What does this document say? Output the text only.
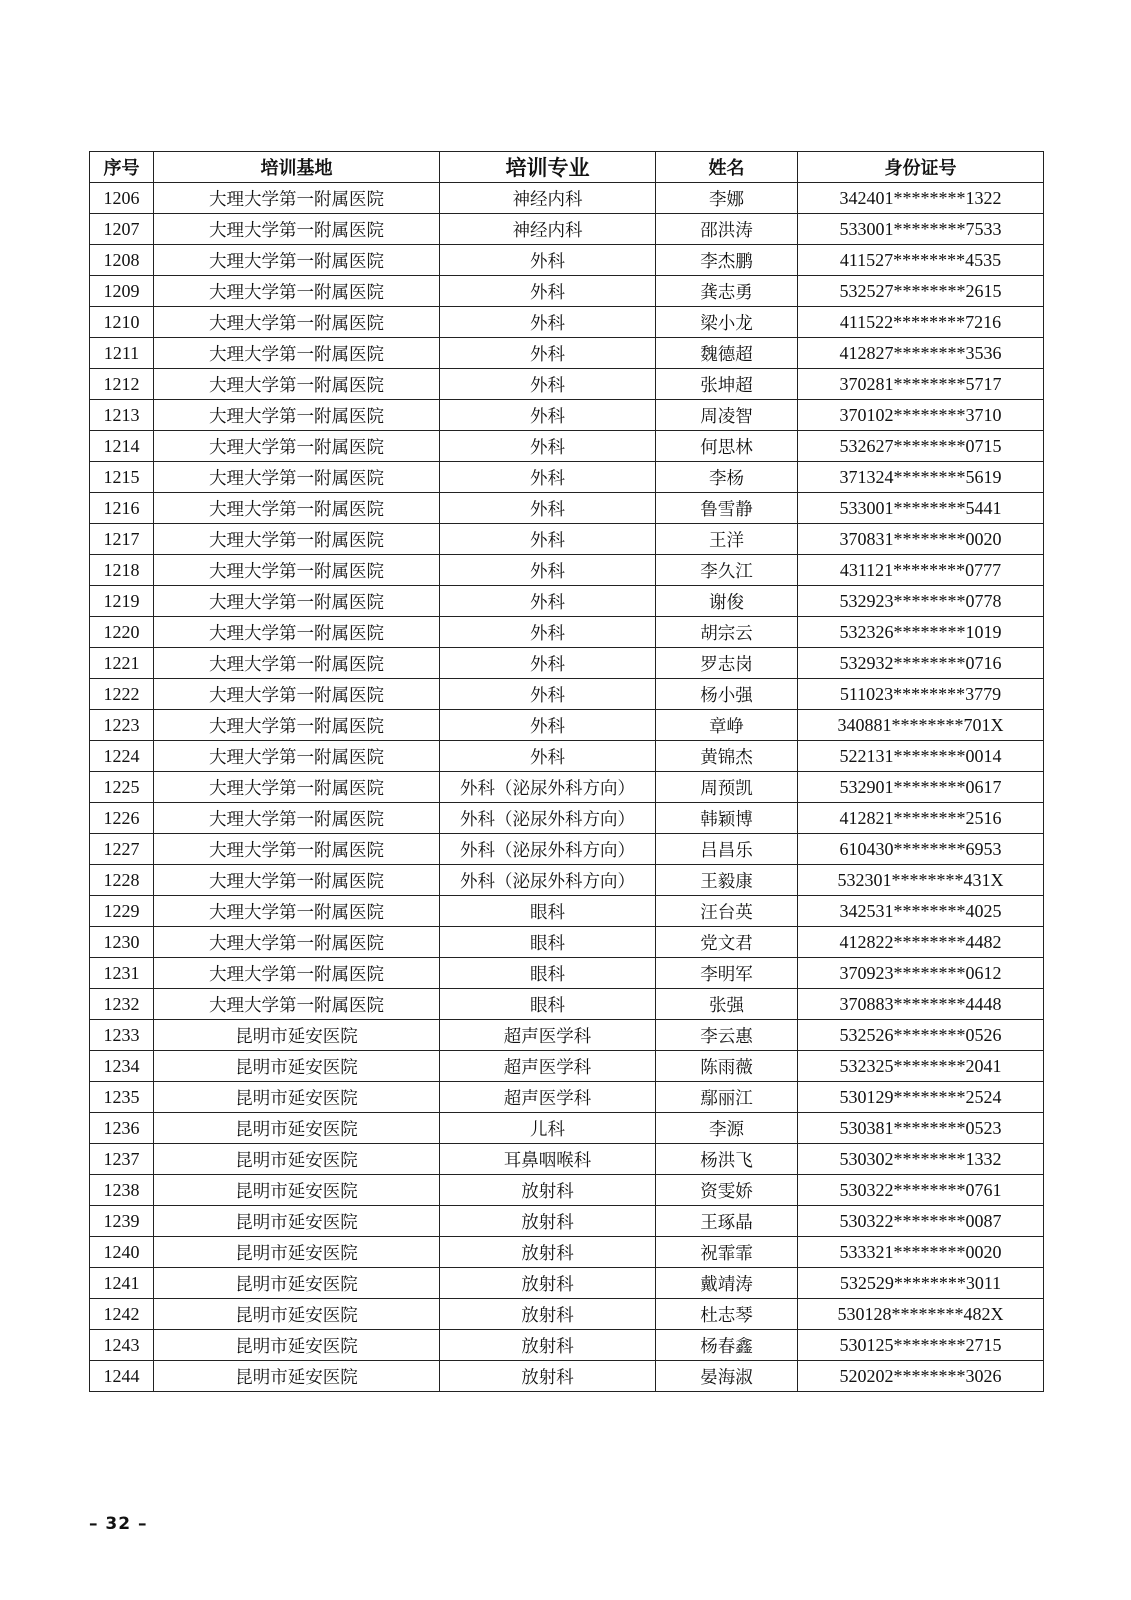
序号	培训基地	培训专业	姓名	身份证号
1206	大理大学第一附属医院	神经内科	李娜	342401********1322
1207	大理大学第一附属医院	神经内科	邵洪涛	533001********7533
1208	大理大学第一附属医院	外科	李杰鹏	411527********4535
1209	大理大学第一附属医院	外科	龚志勇	532527********2615
1210	大理大学第一附属医院	外科	梁小龙	411522********7216
1211	大理大学第一附属医院	外科	魏德超	412827********3536
1212	大理大学第一附属医院	外科	张坤超	370281********5717
1213	大理大学第一附属医院	外科	周凌智	370102********3710
1214	大理大学第一附属医院	外科	何思林	532627********0715
1215	大理大学第一附属医院	外科	李杨	371324********5619
1216	大理大学第一附属医院	外科	鲁雪静	533001********5441
1217	大理大学第一附属医院	外科	王洋	370831********0020
1218	大理大学第一附属医院	外科	李久江	431121********0777
1219	大理大学第一附属医院	外科	谢俊	532923********0778
1220	大理大学第一附属医院	外科	胡宗云	532326********1019
1221	大理大学第一附属医院	外科	罗志岗	532932********0716
1222	大理大学第一附属医院	外科	杨小强	511023********3779
1223	大理大学第一附属医院	外科	章峥	340881********701X
1224	大理大学第一附属医院	外科	黄锦杰	522131********0014
1225	大理大学第一附属医院	外科（泌尿外科方向）	周预凯	532901********0617
1226	大理大学第一附属医院	外科（泌尿外科方向）	韩颖博	412821********2516
1227	大理大学第一附属医院	外科（泌尿外科方向）	吕昌乐	610430********6953
1228	大理大学第一附属医院	外科（泌尿外科方向）	王毅康	532301********431X
1229	大理大学第一附属医院	眼科	汪台英	342531********4025
1230	大理大学第一附属医院	眼科	党文君	412822********4482
1231	大理大学第一附属医院	眼科	李明军	370923********0612
1232	大理大学第一附属医院	眼科	张强	370883********4448
1233	昆明市延安医院	超声医学科	李云惠	532526********0526
1234	昆明市延安医院	超声医学科	陈雨薇	532325********2041
1235	昆明市延安医院	超声医学科	鄢丽江	530129********2524
1236	昆明市延安医院	儿科	李源	530381********0523
1237	昆明市延安医院	耳鼻咽喉科	杨洪飞	530302********1332
1238	昆明市延安医院	放射科	资雯娇	530322********0761
1239	昆明市延安医院	放射科	王琢晶	530322********0087
1240	昆明市延安医院	放射科	祝霏霏	533321********0020
1241	昆明市延安医院	放射科	戴靖涛	532529********3011
1242	昆明市延安医院	放射科	杜志琴	530128********482X
1243	昆明市延安医院	放射科	杨春鑫	530125********2715
1244	昆明市延安医院	放射科	晏海淑	520202********3026
– 32 –
